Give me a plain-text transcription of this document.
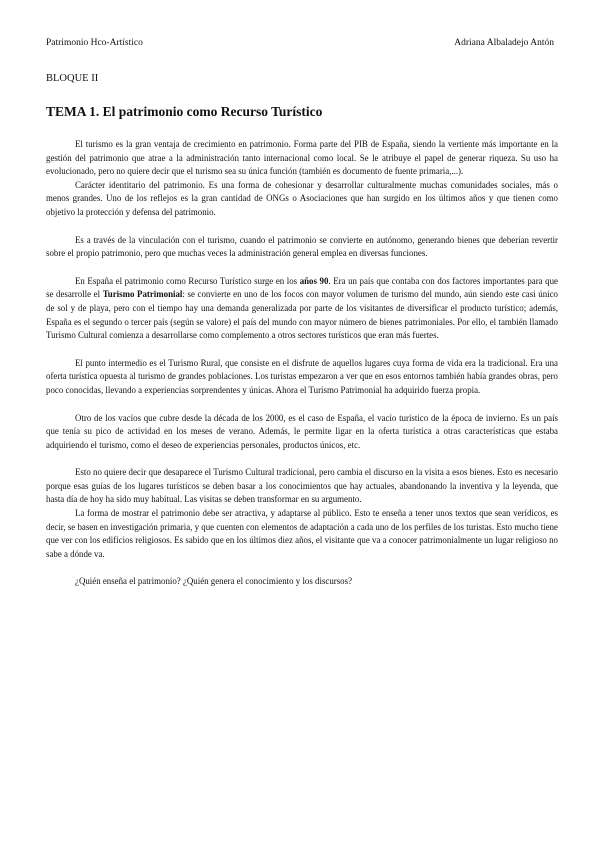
Patrimonio Hco-Artístico	Adriana Albaladejo Antón
BLOQUE II
TEMA 1. El patrimonio como Recurso Turístico

El turismo es la gran ventaja de crecimiento en patrimonio. Forma parte del PIB de España, siendo la vertiente más importante en la gestión del patrimonio que atrae a la administración tanto internacional como local. Se le atribuye el papel de generar riqueza. Su uso ha evolucionado, pero no quiere decir que el turismo sea su única función (también es documento de fuente primaria,...).

Carácter identitario del patrimonio. Es una forma de cohesionar y desarrollar culturalmente muchas comunidades sociales, más o menos grandes. Uno de los reflejos es la gran cantidad de ONGs o Asociaciones que han surgido en los últimos años y que tienen como objetivo la protección y defensa del patrimonio.

Es a través de la vinculación con el turismo, cuando el patrimonio se convierte en autónomo, generando bienes que deberían revertir sobre el propio patrimonio, pero que muchas veces la administración general emplea en diversas funciones.

En España el patrimonio como Recurso Turístico surge en los años 90. Era un país que contaba con dos factores importantes para que se desarrolle el Turismo Patrimonial: se convierte en uno de los focos con mayor volumen de turismo del mundo, aún siendo este casi único de sol y de playa, pero con el tiempo hay una demanda generalizada por parte de los visitantes de diversificar el producto turístico; además, España es el segundo o tercer país (según se valore) el país del mundo con mayor número de bienes patrimoniales. Por ello, el también llamado Turismo Cultural comienza a desarrollarse como complemento a otros sectores turísticos que eran más fuertes.

El punto intermedio es el Turismo Rural, que consiste en el disfrute de aquellos lugares cuya forma de vida era la tradicional. Era una oferta turística opuesta al turismo de grandes poblaciones. Los turistas empezaron a ver que en esos entornos también había grandes obras, pero poco conocidas, llevando a experiencias sorprendentes y únicas. Ahora el Turismo Patrimonial ha adquirido fuerza propia.

Otro de los vacíos que cubre desde la década de los 2000, es el caso de España, el vacío turístico de la época de invierno. Es un país que tenía su pico de actividad en los meses de verano. Además, le permite ligar en la oferta turística a otras características que estaba adquiriendo el turismo, como el deseo de experiencias personales, productos únicos, etc.

Esto no quiere decir que desaparece el Turismo Cultural tradicional, pero cambia el discurso en la visita a esos bienes. Esto es necesario porque esas guías de los lugares turísticos se deben basar a los conocimientos que hay actuales, abandonando la inventiva y la leyenda, que hasta día de hoy ha sido muy habitual. Las visitas se deben transformar en su argumento.

La forma de mostrar el patrimonio debe ser atractiva, y adaptarse al público. Esto te enseña a tener unos textos que sean verídicos, es decir, se basen en investigación primaria, y que cuenten con elementos de adaptación a cada uno de los perfiles de los turistas. Esto mucho tiene que ver con los edificios religiosos. Es sabido que en los últimos diez años, el visitante que va a conocer patrimonialmente un lugar religioso no sabe a dónde va.

¿Quién enseña el patrimonio? ¿Quién genera el conocimiento y los discursos?
